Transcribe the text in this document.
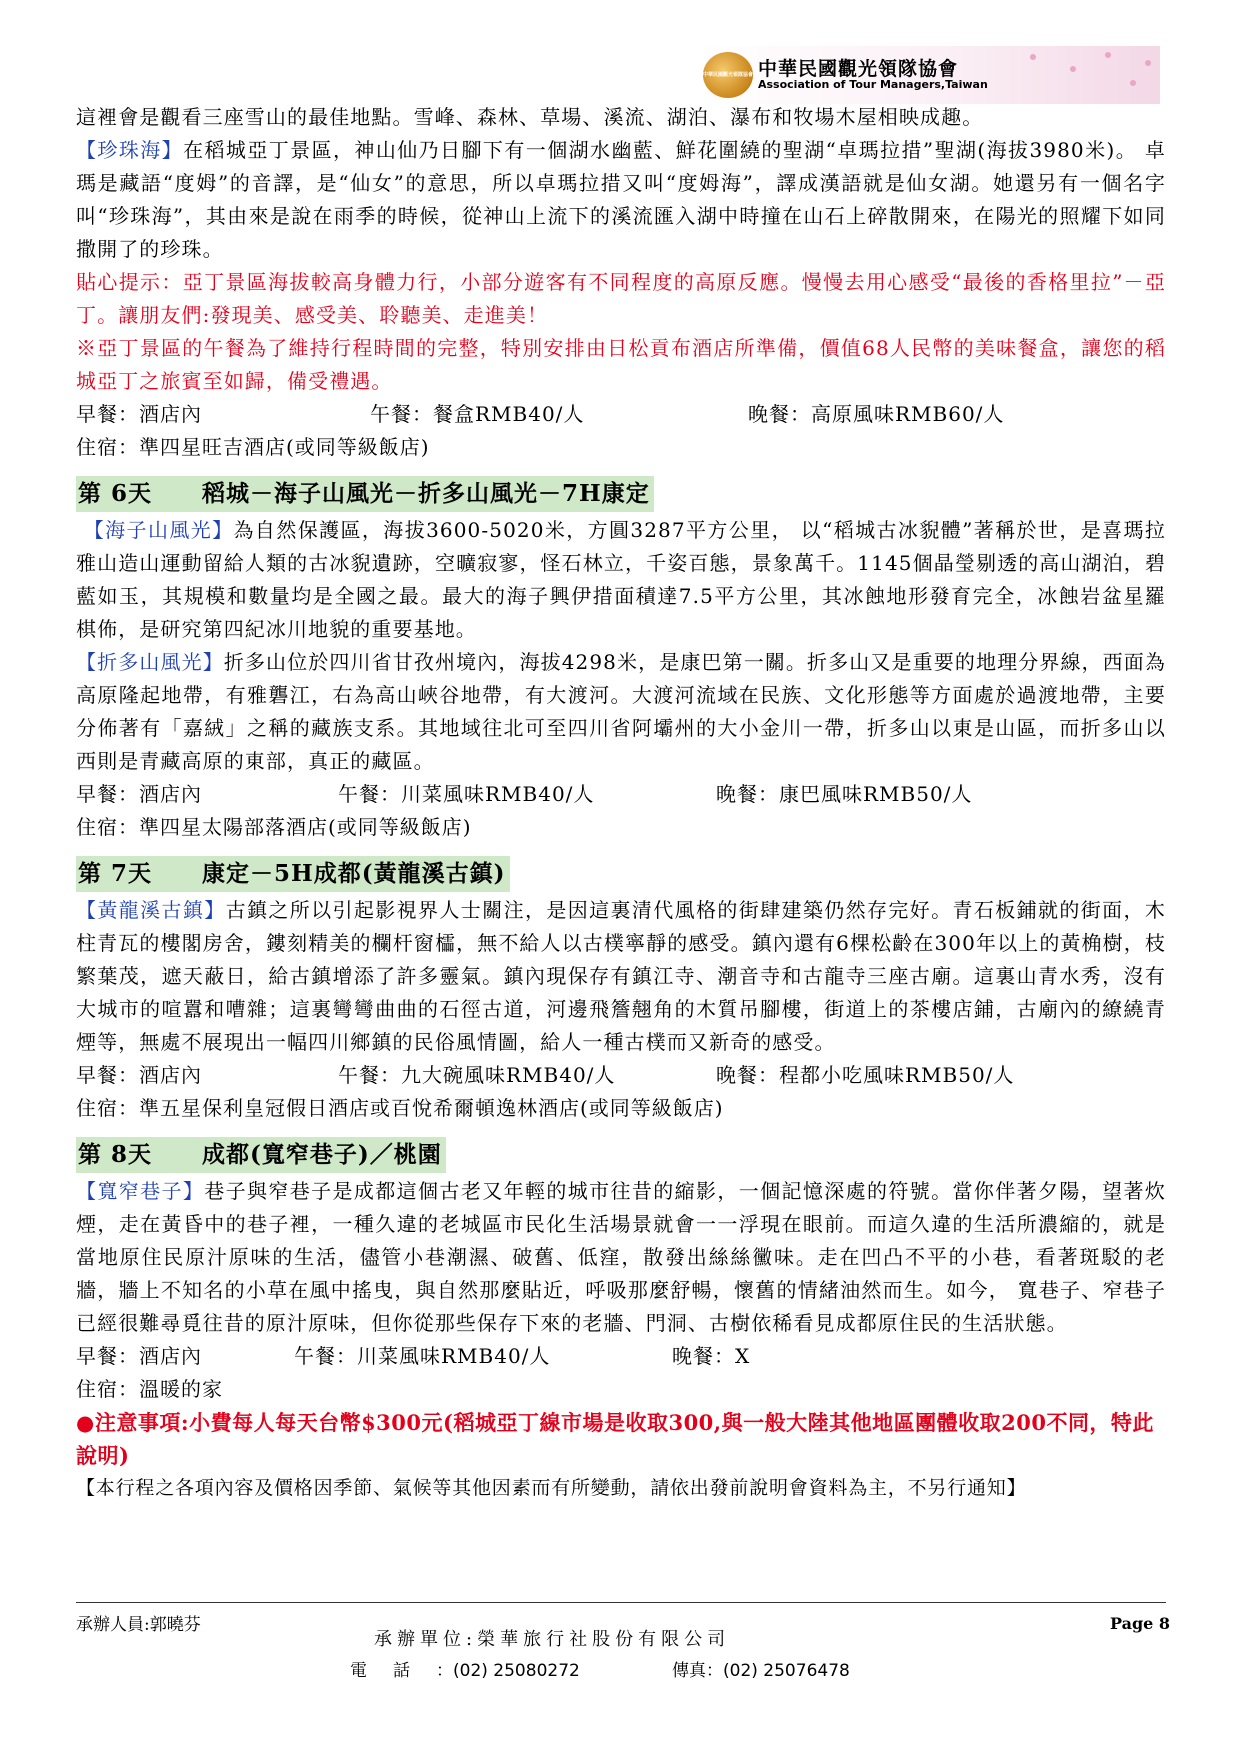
中華民國觀光領隊協會 中華民國觀光領隊協會
Association of Tour Managers,Taiwan

這裡會是觀看三座雪山的最佳地點。雪峰、森林、草場、溪流、湖泊、瀑布和牧場木屋相映成趣。

【珍珠海】在稻城亞丁景區，神山仙乃日腳下有一個湖水幽藍、鮮花圍繞的聖湖“卓瑪拉措”聖湖(海拔3980米)。 卓瑪是藏語“度姆”的音譯，是“仙女”的意思，所以卓瑪拉措又叫“度姆海”，譯成漢語就是仙女湖。她還另有一個名字叫“珍珠海”，其由來是說在雨季的時候，從神山上流下的溪流匯入湖中時撞在山石上碎散開來，在陽光的照耀下如同撒開了的珍珠。

貼心提示：亞丁景區海拔較高身體力行，小部分遊客有不同程度的高原反應。慢慢去用心感受“最後的香格里拉”－亞丁。讓朋友們:發現美、感受美、聆聽美、走進美！

※亞丁景區的午餐為了維持行程時間的完整，特別安排由日松貢布酒店所準備，價值68人民幣的美味餐盒，讓您的稻城亞丁之旅賓至如歸，備受禮遇。

早餐：酒店內	午餐：餐盒RMB40/人	晚餐：高原風味RMB60/人
住宿：準四星旺吉酒店(或同等級飯店)
第 6天 稻城－海子山風光－折多山風光－7H康定

【海子山風光】為自然保護區，海拔3600-5020米，方圓3287平方公里， 以“稻城古冰貎體”著稱於世，是喜瑪拉雅山造山運動留給人類的古冰貎遺跡，空曠寂寥，怪石林立，千姿百態，景象萬千。1145個晶瑩剔透的高山湖泊，碧藍如玉，其規模和數量均是全國之最。最大的海子興伊措面積達7.5平方公里，其冰蝕地形發育完全，冰蝕岩盆星羅棋佈，是研究第四紀冰川地貌的重要基地。

【折多山風光】折多山位於四川省甘孜州境內，海拔4298米，是康巴第一關。折多山又是重要的地理分界線，西面為高原隆起地帶，有雅礱江，右為高山峽谷地帶，有大渡河。大渡河流域在民族、文化形態等方面處於過渡地帶，主要分佈著有「嘉絨」之稱的藏族支系。其地域往北可至四川省阿壩州的大小金川一帶，折多山以東是山區，而折多山以西則是青藏高原的東部，真正的藏區。

早餐：酒店內	午餐：川菜風味RMB40/人	晚餐：康巴風味RMB50/人
住宿：準四星太陽部落酒店(或同等級飯店)
第 7天 康定－5H成都(黃龍溪古鎮)

【黃龍溪古鎮】古鎮之所以引起影視界人士關注，是因這裏清代風格的街肆建築仍然存完好。青石板鋪就的街面，木柱青瓦的樓閣房舍，鏤刻精美的欄杆窗櫺，無不給人以古樸寧靜的感受。鎮內還有6棵松齡在300年以上的黃桷樹，枝繁葉茂，遮天蔽日，給古鎮增添了許多靈氣。鎮內現保存有鎮江寺、潮音寺和古龍寺三座古廟。這裏山青水秀，沒有大城市的喧囂和嘈雜；這裏彎彎曲曲的石徑古道，河邊飛簷翹角的木質吊腳樓，街道上的茶樓店鋪，古廟內的繚繞青煙等，無處不展現出一幅四川鄉鎮的民俗風情圖，給人一種古樸而又新奇的感受。

早餐：酒店內	午餐：九大碗風味RMB40/人	晚餐：程都小吃風味RMB50/人
住宿：準五星保利皇冠假日酒店或百悅希爾頓逸林酒店(或同等級飯店)
第 8天 成都(寬窄巷子)／桃園

【寬窄巷子】巷子與窄巷子是成都這個古老又年輕的城市往昔的縮影，一個記憶深處的符號。當你伴著夕陽，望著炊煙，走在黃昏中的巷子裡，一種久違的老城區市民化生活場景就會一一浮現在眼前。而這久違的生活所濃縮的，就是當地原住民原汁原味的生活，儘管小巷潮濕、破舊、低窪，散發出絲絲黴味。走在凹凸不平的小巷，看著斑駁的老牆，牆上不知名的小草在風中搖曳，與自然那麼貼近，呼吸那麼舒暢，懷舊的情緒油然而生。如今， 寬巷子、窄巷子已經很難尋覓往昔的原汁原味，但你從那些保存下來的老牆、門洞、古樹依稀看見成都原住民的生活狀態。

早餐：酒店內	午餐：川菜風味RMB40/人	晚餐：X
住宿：溫暖的家
●注意事項:小費每人每天台幣$300元(稻城亞丁線市場是收取300,與一般大陸其他地區團體收取200不同，特此說明)
【本行程之各項內容及價格因季節、氣候等其他因素而有所變動，請依出發前說明會資料為主，不另行通知】
承辦人員:郭曉芬
承辦單位:榮華旅行社股份有限公司
電話：(02) 25080272	傳真：(02) 25076478
Page 8
